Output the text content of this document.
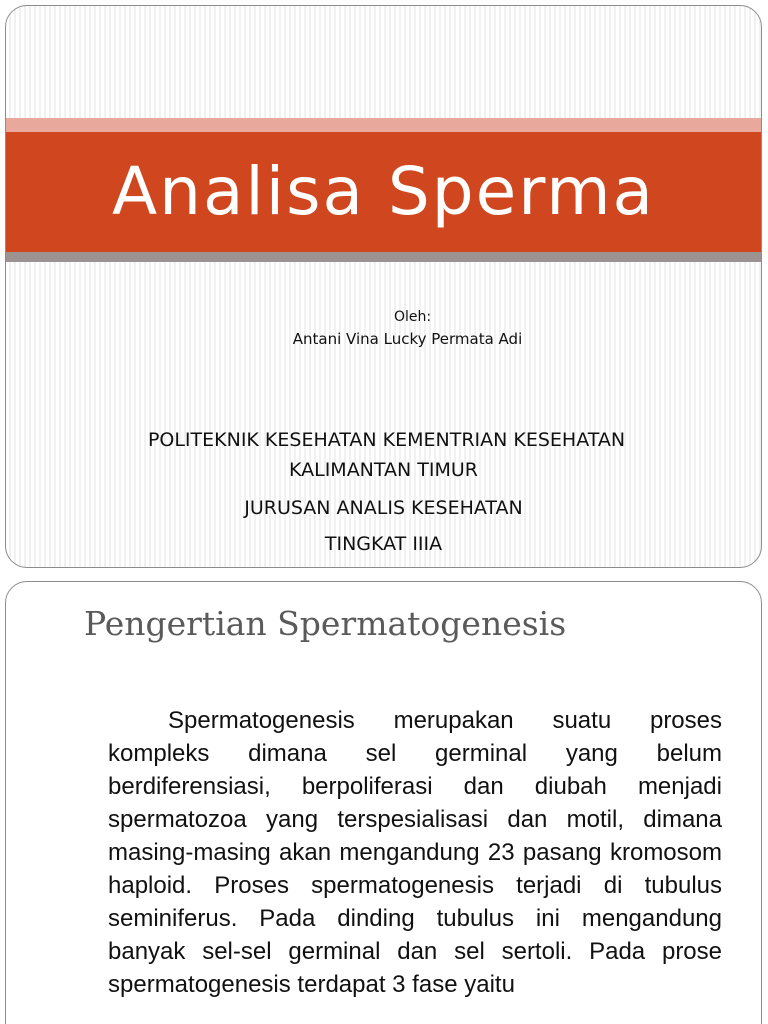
Analisa Sperma
Oleh:
Antani Vina Lucky Permata Adi
POLITEKNIK KESEHATAN KEMENTRIAN KESEHATAN
KALIMANTAN TIMUR
JURUSAN ANALIS KESEHATAN
TINGKAT IIIA
Pengertian Spermatogenesis

Spermatogenesis merupakan suatu proses kompleks dimana sel germinal yang belum berdiferensiasi, berpoliferasi dan diubah menjadi spermatozoa yang terspesialisasi dan motil, dimana masing-masing akan mengandung 23 pasang kromosom haploid. Proses spermatogenesis terjadi di tubulus seminiferus. Pada dinding tubulus ini mengandung banyak sel-sel germinal dan sel sertoli. Pada prose spermatogenesis terdapat 3 fase yaitu
